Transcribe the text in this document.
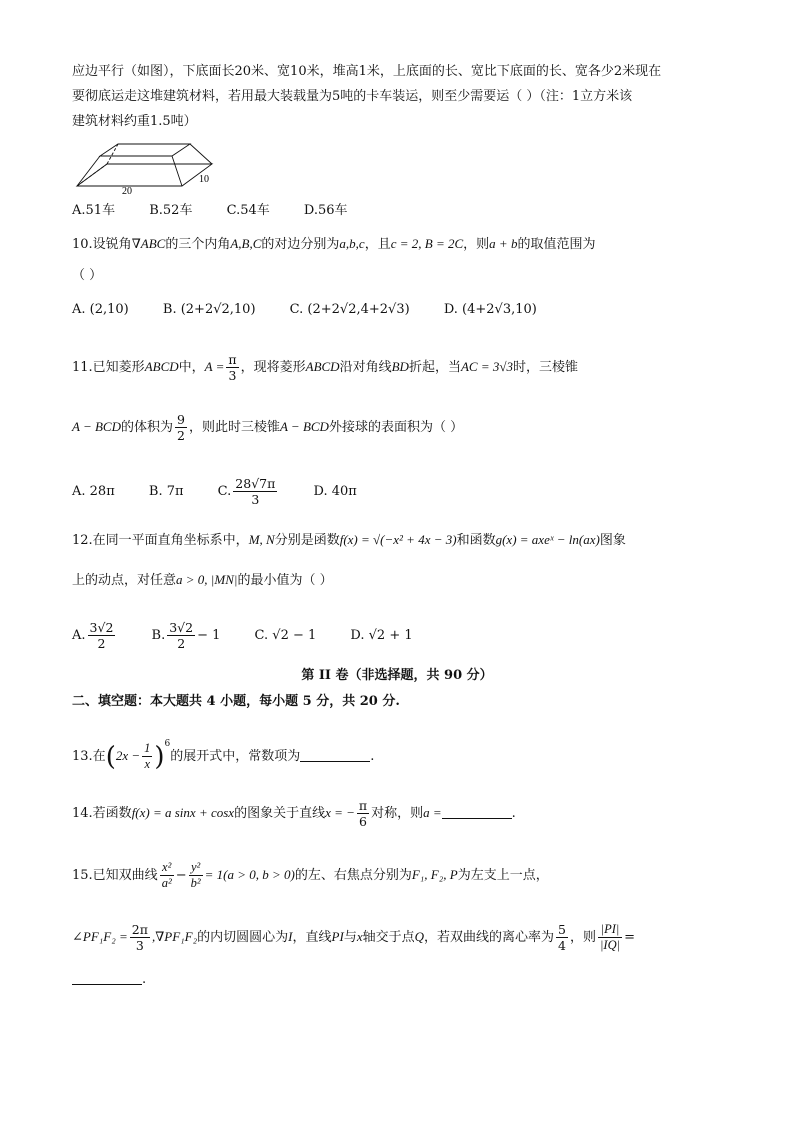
应边平行（如图），下底面长20米、宽10米，堆高1米，上底面的长、宽比下底面的长、宽各少2米现在
要彻底运走这堆建筑材料，若用最大装载量为5吨的卡车装运，则至少需要运（ ）（注：1立方米该
建筑材料约重1.5吨）
20
10
A.51车	B.52车	C.54车	D.56车
10.设锐角∇ABC的三个内角A,B,C的对边分别为a,b,c，且c = 2, B = 2C，则a + b的取值范围为
（ ）
A. (2,10)	B. (2+2√2,10)	C. (2+2√2,4+2√3)	D. (4+2√3,10)
11.已知菱形ABCD中，$A = \frac{\pi}{3}$ ，现将菱形ABCD沿对角线BD折起，当AC = 3√3时，三棱锥
A − BCD的体积为 $\frac{9}{2}$ ，则此时三棱锥A − BCD外接球的表面积为（ ）
A. 28π	B. 7π	C. $\frac{28√7\pi}{3}$	D. 40π
12.在同一平面直角坐标系中，M, N分别是函数f(x) = √(−x² + 4x − 3)和函数g(x) = axeˣ − ln(ax)图象
上的动点，对任意a > 0, |MN|的最小值为（ ）
A. $\frac{3√2}{2}$	B. $\frac{3√2}{2} - 1$	C. √2 − 1	D. √2 + 1
第 II 卷（非选择题，共 90 分）
二、填空题：本大题共 4 小题，每小题 5 分，共 20 分.
13.在$(2x - \frac{1}{x} )^6$的展开式中，常数项为	.
14.若函数f(x) = a sinx + cosx的图象关于直线x = − $\frac{\pi}{6}$ 对称，则a =	.
15.已知双曲线 $\frac{\text{x²}}{\text{a²}} - \frac{\text{y²}}{\text{b²}} = 1(a > 0$, b > 0)的左、右焦点分别为F₁, F₂, P为左支上一点，
∠PF₁F₂ = $\frac{2\pi}{3} ,\nabla PF_1F_2$的内切圆圆心为I，直线PI与x轴交于点Q，若双曲线的离心率为 $\frac{5}{4}$ ，则 $\frac{|PI|}{|IQ|}$ =
.
